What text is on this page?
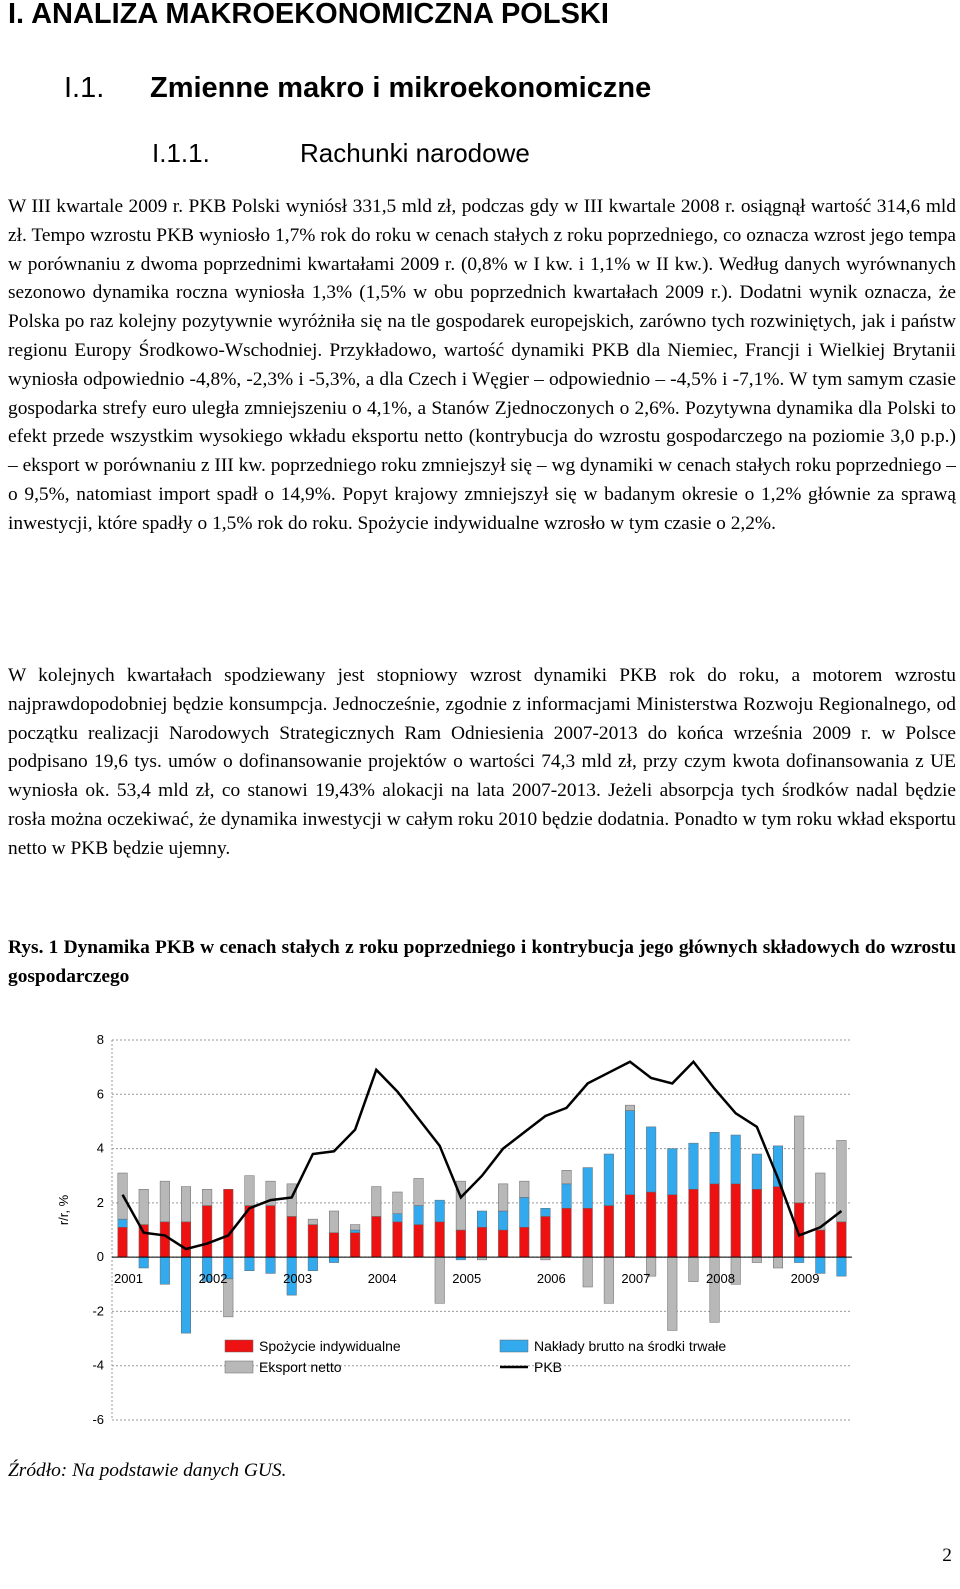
I. ANALIZA MAKROEKONOMICZNA POLSKI
I.1. Zmienne makro i mikroekonomiczne
I.1.1.	Rachunki narodowe

W III kwartale 2009 r. PKB Polski wyniósł 331,5 mld zł, podczas gdy w III kwartale 2008 r. osiągnął wartość 314,6 mld zł. Tempo wzrostu PKB wyniosło 1,7% rok do roku w cenach stałych z roku poprzedniego, co oznacza wzrost jego tempa w porównaniu z dwoma poprzednimi kwartałami 2009 r. (0,8% w I kw. i 1,1% w II kw.). Według danych wyrównanych sezonowo dynamika roczna wyniosła 1,3% (1,5% w obu poprzednich kwartałach 2009 r.). Dodatni wynik oznacza, że Polska po raz kolejny pozytywnie wyróżniła się na tle gospodarek europejskich, zarówno tych rozwiniętych, jak i państw regionu Europy Środkowo-Wschodniej. Przykładowo, wartość dynamiki PKB dla Niemiec, Francji i Wielkiej Brytanii wyniosła odpowiednio -4,8%, -2,3% i -5,3%, a dla Czech i Węgier – odpowiednio – -4,5% i -7,1%. W tym samym czasie gospodarka strefy euro uległa zmniejszeniu o 4,1%, a Stanów Zjednoczonych o 2,6%. Pozytywna dynamika dla Polski to efekt przede wszystkim wysokiego wkładu eksportu netto (kontrybucja do wzrostu gospodarczego na poziomie 3,0 p.p.) – eksport w porównaniu z III kw. poprzedniego roku zmniejszył się – wg dynamiki w cenach stałych roku poprzedniego – o 9,5%, natomiast import spadł o 14,9%. Popyt krajowy zmniejszył się w badanym okresie o 1,2% głównie za sprawą inwestycji, które spadły o 1,5% rok do roku. Spożycie indywidualne wzrosło w tym czasie o 2,2%.

W kolejnych kwartałach spodziewany jest stopniowy wzrost dynamiki PKB rok do roku, a motorem wzrostu najprawdopodobniej będzie konsumpcja. Jednocześnie, zgodnie z informacjami Ministerstwa Rozwoju Regionalnego, od początku realizacji Narodowych Strategicznych Ram Odniesienia 2007-2013 do końca września 2009 r. w Polsce podpisano 19,6 tys. umów o dofinansowanie projektów o wartości 74,3 mld zł, przy czym kwota dofinansowania z UE wyniosła ok. 53,4 mld zł, co stanowi 19,43% alokacji na lata 2007-2013. Jeżeli absorpcja tych środków nadal będzie rosła można oczekiwać, że dynamika inwestycji w całym roku 2010 będzie dodatnia. Ponadto w tym roku wkład eksportu netto w PKB będzie ujemny.

Rys. 1 Dynamika PKB w cenach stałych z roku poprzedniego i kontrybucja jego głównych składowych do wzrostu gospodarczego

-6
-4
-2
0
2
4
6
8
r/r, %
2001	2002	2003	2004	2005	2006	2007	2008	2009
Spożycie indywidualne	Nakłady brutto na środki trwałe
Eksport netto	PKB
Źródło: Na podstawie danych GUS.
2
